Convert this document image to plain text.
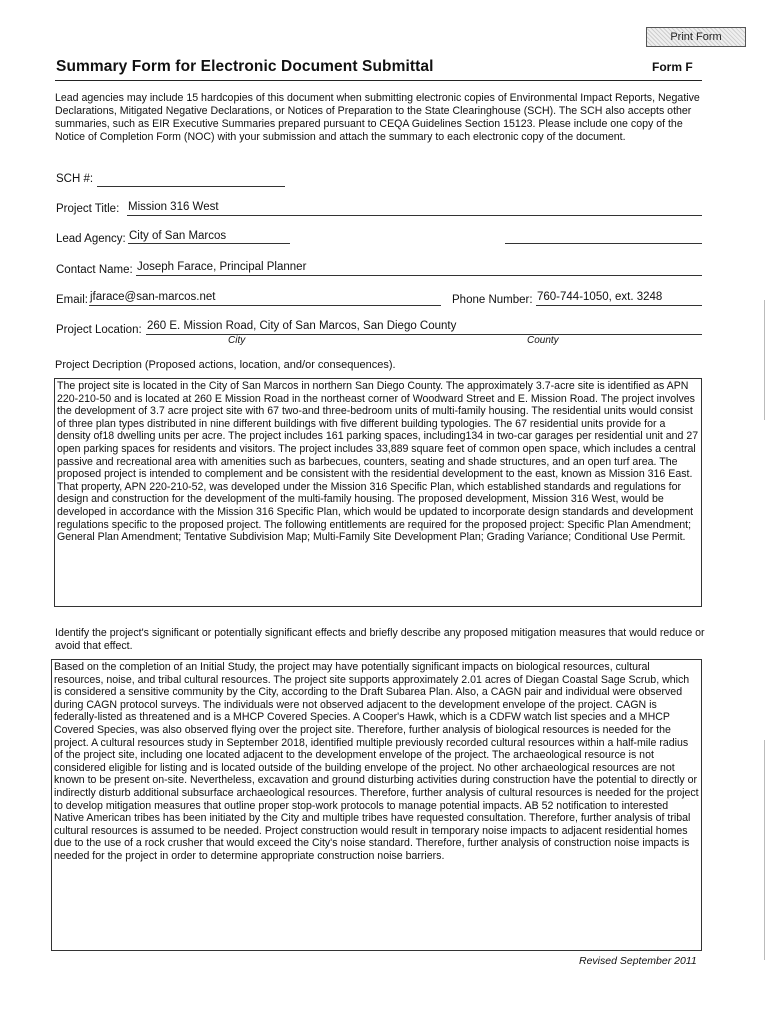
Print Form
Summary Form for Electronic Document Submittal	Form F
Lead agencies may include 15 hardcopies of this document when submitting electronic copies of Environmental Impact Reports, Negative Declarations, Mitigated Negative Declarations, or Notices of Preparation to the State Clearinghouse (SCH). The SCH also accepts other summaries, such as EIR Executive Summaries prepared pursuant to CEQA Guidelines Section 15123. Please include one copy of the Notice of Completion Form (NOC) with your submission and attach the summary to each electronic copy of the document.
SCH #:
Project Title: Mission 316 West
Lead Agency: City of San Marcos
Contact Name: Joseph Farace, Principal Planner
Email: jfarace@san-marcos.net	Phone Number: 760-744-1050, ext. 3248
Project Location: 260 E. Mission Road, City of San Marcos, San Diego County
City	County
Project Decription (Proposed actions, location, and/or consequences).
The project site is located in the City of San Marcos in northern San Diego County. The approximately 3.7-acre site is identified as APN 220-210-50 and is located at 260 E Mission Road in the northeast corner of Woodward Street and E. Mission Road. The project involves the development of 3.7 acre project site with 67 two-and three-bedroom units of multi-family housing. The residential units would consist of three plan types distributed in nine different buildings with five different building typologies. The 67 residential units provide for a density of18 dwelling units per acre. The project includes 161 parking spaces, including134 in two-car garages per residential unit and 27 open parking spaces for residents and visitors. The project includes 33,889 square feet of common open space, which includes a central passive and recreational area with amenities such as barbecues, counters, seating and shade structures, and an open turf area. The proposed project is intended to complement and be consistent with the residential development to the east, known as Mission 316 East. That property, APN 220-210-52, was developed under the Mission 316 Specific Plan, which established standards and regulations for design and construction for the development of the multi-family housing. The proposed development, Mission 316 West, would be developed in accordance with the Mission 316 Specific Plan, which would be updated to incorporate design standards and development regulations specific to the proposed project. The following entitlements are required for the proposed project: Specific Plan Amendment; General Plan Amendment; Tentative Subdivision Map; Multi-Family Site Development Plan; Grading Variance; Conditional Use Permit.
Identify the project's significant or potentially significant effects and briefly describe any proposed mitigation measures that would reduce or avoid that effect.
Based on the completion of an Initial Study, the project may have potentially significant impacts on biological resources, cultural resources, noise, and tribal cultural resources. The project site supports approximately 2.01 acres of Diegan Coastal Sage Scrub, which is considered a sensitive community by the City, according to the Draft Subarea Plan. Also, a CAGN pair and individual were observed during CAGN protocol surveys. The individuals were not observed adjacent to the development envelope of the project. CAGN is federally-listed as threatened and is a MHCP Covered Species. A Cooper's Hawk, which is a CDFW watch list species and a MHCP Covered Species, was also observed flying over the project site. Therefore, further analysis of biological resources is needed for the project. A cultural resources study in September 2018, identified multiple previously recorded cultural resources within a half-mile radius of the project site, including one located adjacent to the development envelope of the project. The archaeological resource is not considered eligible for listing and is located outside of the building envelope of the project. No other archaeological resources are not known to be present on-site. Nevertheless, excavation and ground disturbing activities during construction have the potential to directly or indirectly disturb additional subsurface archaeological resources. Therefore, further analysis of cultural resources is needed for the project to develop mitigation measures that outline proper stop-work protocols to manage potential impacts. AB 52 notification to interested Native American tribes has been initiated by the City and multiple tribes have requested consultation. Therefore, further analysis of tribal cultural resources is assumed to be needed. Project construction would result in temporary noise impacts to adjacent residential homes due to the use of a rock crusher that would exceed the City's noise standard. Therefore, further analysis of construction noise impacts is needed for the project in order to determine appropriate construction noise barriers.
Revised September 2011
